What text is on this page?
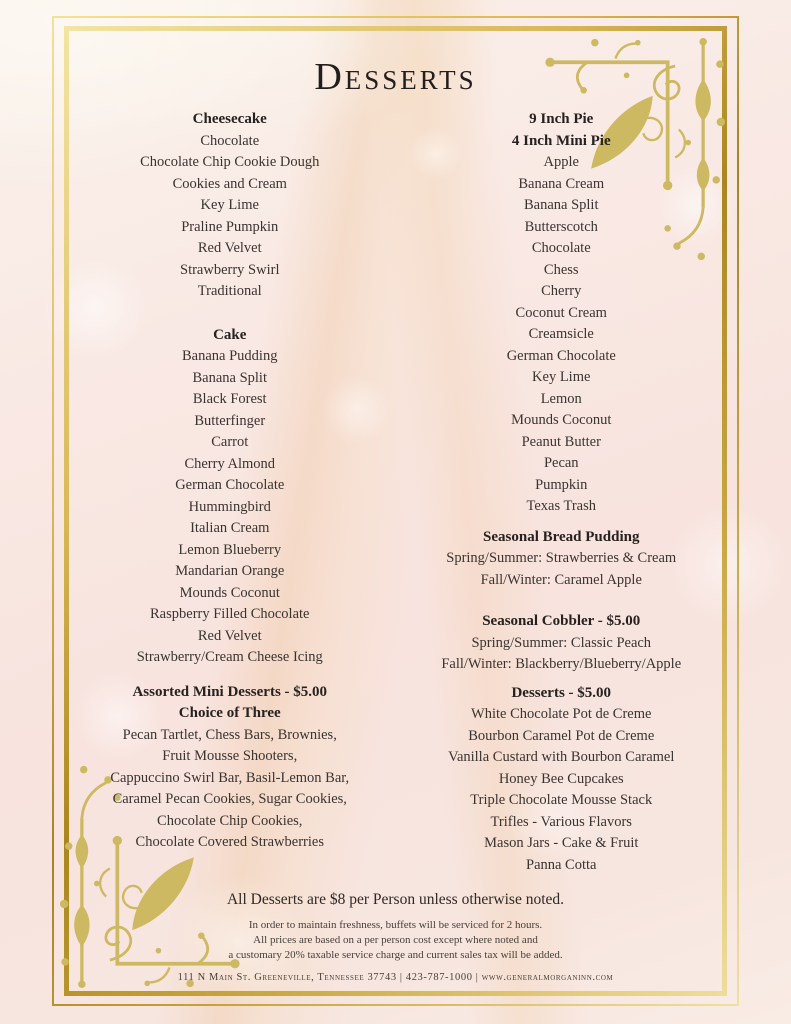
Desserts
Cheesecake
Chocolate
Chocolate Chip Cookie Dough
Cookies and Cream
Key Lime
Praline Pumpkin
Red Velvet
Strawberry Swirl
Traditional
Cake
Banana Pudding
Banana Split
Black Forest
Butterfinger
Carrot
Cherry Almond
German Chocolate
Hummingbird
Italian Cream
Lemon Blueberry
Mandarian Orange
Mounds Coconut
Raspberry Filled Chocolate
Red Velvet
Strawberry/Cream Cheese Icing
Assorted Mini Desserts - $5.00
Choice of Three
Pecan Tartlet, Chess Bars, Brownies,
Fruit Mousse Shooters,
Cappuccino Swirl Bar, Basil-Lemon Bar,
Caramel Pecan Cookies, Sugar Cookies,
Chocolate Chip Cookies,
Chocolate Covered Strawberries
9 Inch Pie
4 Inch Mini Pie
Apple
Banana Cream
Banana Split
Butterscotch
Chocolate
Chess
Cherry
Coconut Cream
Creamsicle
German Chocolate
Key Lime
Lemon
Mounds Coconut
Peanut Butter
Pecan
Pumpkin
Texas Trash
Seasonal Bread Pudding
Spring/Summer: Strawberries & Cream
Fall/Winter: Caramel Apple
Seasonal Cobbler - $5.00
Spring/Summer: Classic Peach
Fall/Winter: Blackberry/Blueberry/Apple
Desserts - $5.00
White Chocolate Pot de Creme
Bourbon Caramel Pot de Creme
Vanilla Custard with Bourbon Caramel
Honey Bee Cupcakes
Triple Chocolate Mousse Stack
Trifles - Various Flavors
Mason Jars - Cake & Fruit
Panna Cotta
All Desserts are $8 per Person unless otherwise noted.
In order to maintain freshness, buffets will be serviced for 2 hours.
All prices are based on a per person cost except where noted and
a customary 20% taxable service charge and current sales tax will be added.
111 N Main St. Greeneville, Tennessee 37743 | 423-787-1000 | www.generalmorganinn.com
